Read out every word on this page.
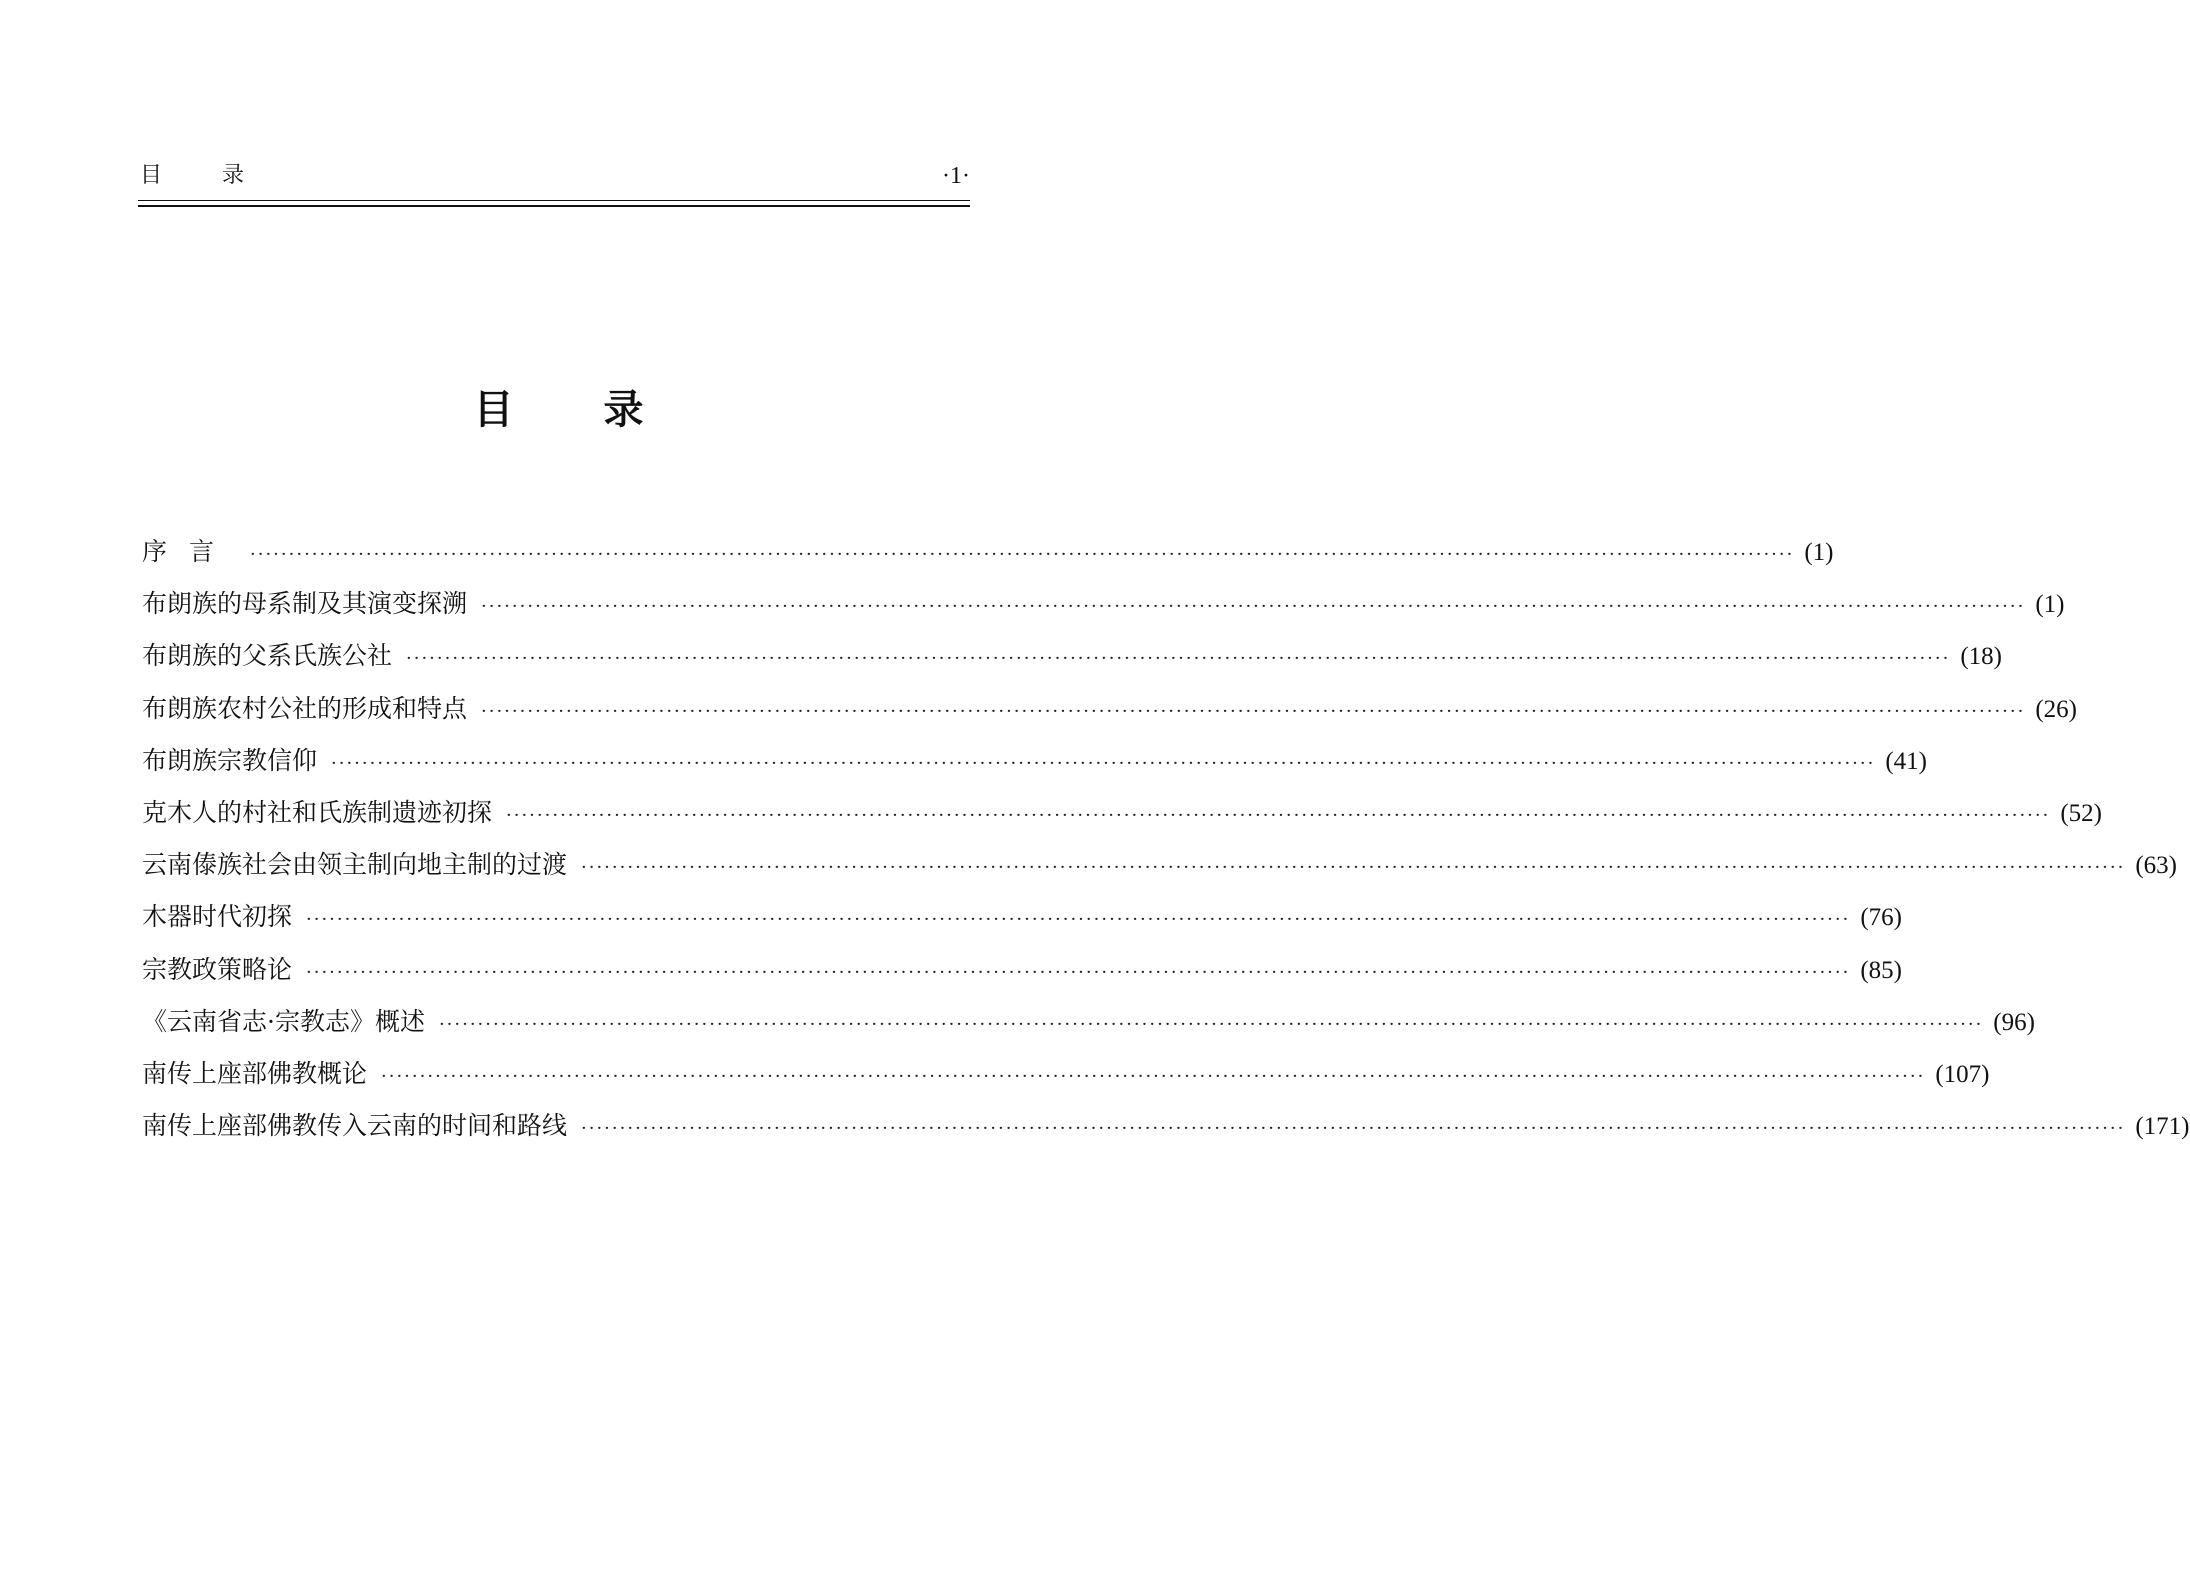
目录	·1·
目录
序言 ········································································································································································································ (1)
布朗族的母系制及其演变探溯 ········································································································································································································ (1)
布朗族的父系氏族公社 ········································································································································································································ (18)
布朗族农村公社的形成和特点 ········································································································································································································ (26)
布朗族宗教信仰 ········································································································································································································ (41)
克木人的村社和氏族制遗迹初探 ········································································································································································································ (52)
云南傣族社会由领主制向地主制的过渡 ········································································································································································································ (63)
木器时代初探 ········································································································································································································ (76)
宗教政策略论 ········································································································································································································ (85)
《云南省志·宗教志》概述 ········································································································································································································ (96)
南传上座部佛教概论 ········································································································································································································ (107)
南传上座部佛教传入云南的时间和路线 ········································································································································································································ (171)
